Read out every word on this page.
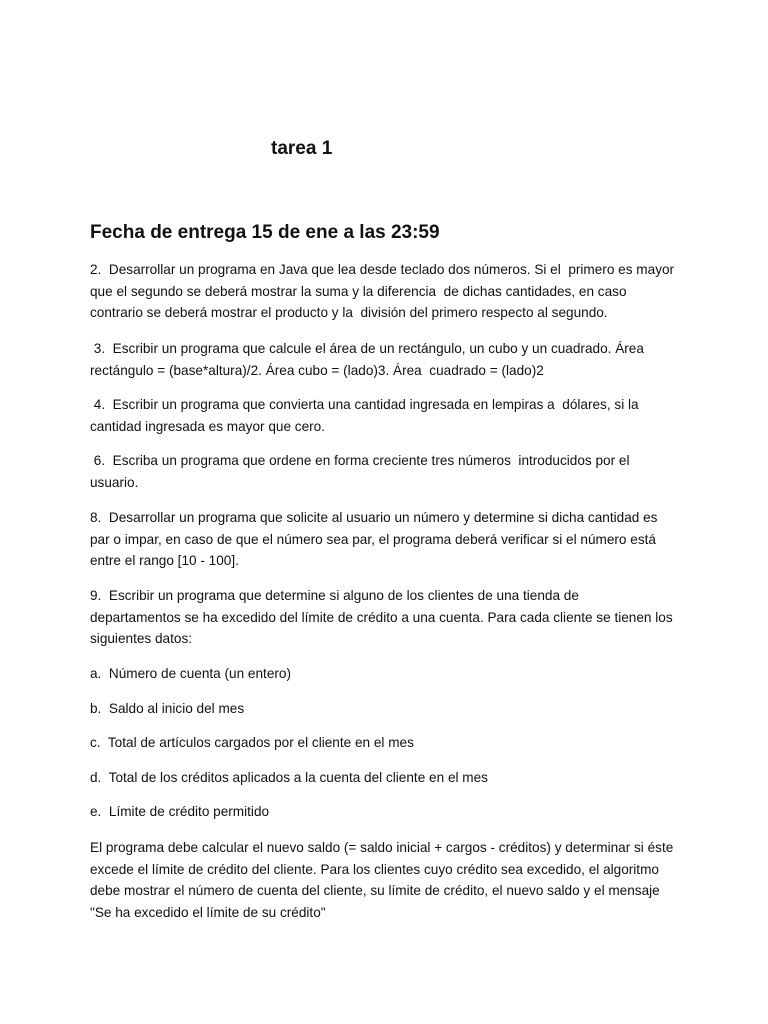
tarea 1
Fecha de entrega 15 de ene a las 23:59

2.  Desarrollar un programa en Java que lea desde teclado dos números. Si el  primero es mayor
que el segundo se deberá mostrar la suma y la diferencia  de dichas cantidades, en caso
contrario se deberá mostrar el producto y la  división del primero respecto al segundo.

3.  Escribir un programa que calcule el área de un rectángulo, un cubo y un cuadrado. Área
rectángulo = (base*altura)/2. Área cubo = (lado)3. Área  cuadrado = (lado)2

4.  Escribir un programa que convierta una cantidad ingresada en lempiras a  dólares, si la
cantidad ingresada es mayor que cero.

6.  Escriba un programa que ordene en forma creciente tres números  introducidos por el
usuario.

8.  Desarrollar un programa que solicite al usuario un número y determine si dicha cantidad es
par o impar, en caso de que el número sea par, el programa deberá verificar si el número está
entre el rango [10 - 100].

9.  Escribir un programa que determine si alguno de los clientes de una tienda de
departamentos se ha excedido del límite de crédito a una cuenta. Para cada cliente se tienen los
siguientes datos:

a.  Número de cuenta (un entero)

b.  Saldo al inicio del mes

c.  Total de artículos cargados por el cliente en el mes

d.  Total de los créditos aplicados a la cuenta del cliente en el mes

e.  Límite de crédito permitido

El programa debe calcular el nuevo saldo (= saldo inicial + cargos - créditos) y determinar si éste
excede el límite de crédito del cliente. Para los clientes cuyo crédito sea excedido, el algoritmo
debe mostrar el número de cuenta del cliente, su límite de crédito, el nuevo saldo y el mensaje
"Se ha excedido el límite de su crédito"
